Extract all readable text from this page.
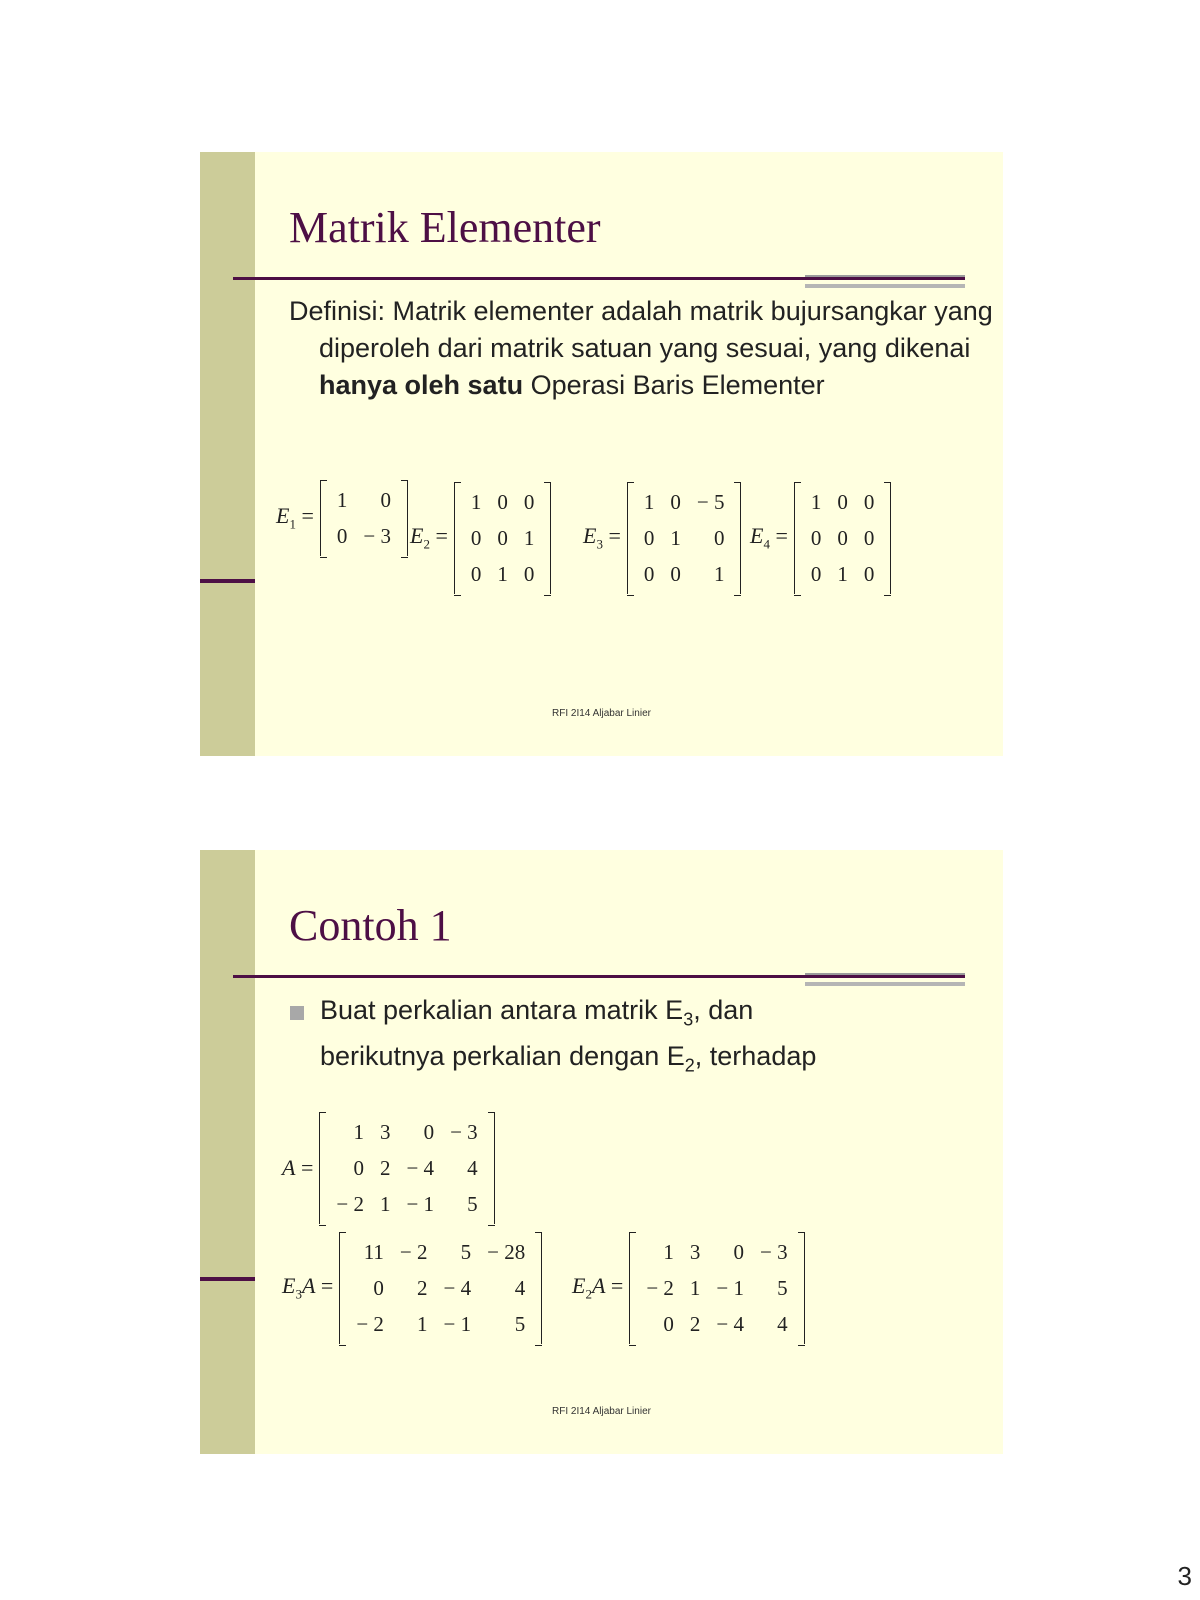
Matrik Elementer

Definisi: Matrik elementer adalah matrik bujursangkar yang diperoleh dari matrik satuan yang sesuai, yang dikenai hanya oleh satu Operasi Baris Elementer

$E_1$ =
1	0
0	− 3 $E_2$ =
1	0	0
0	0	1
0	1	0
$E_3$ =
1	0	− 5
0	1	0
0	0	1
$E_4$ =
1	0	0
0	0	0
0	1	0
RFI 2I14 Aljabar Linier
Contoh 1
Buat perkalian antara matrik $E_3$, dan
berikutnya perkalian dengan $E_2$, terhadap
A =
1	3	0	− 3
0	2	− 4	4
− 2	1	− 1	5
$E_3A$ =
11	− 2	5	− 28
0	2	− 4	4
− 2	1	− 1	5
$E_2A$ =
1	3	0	− 3
− 2	1	− 1	5
0	2	− 4	4
RFI 2I14 Aljabar Linier
3
